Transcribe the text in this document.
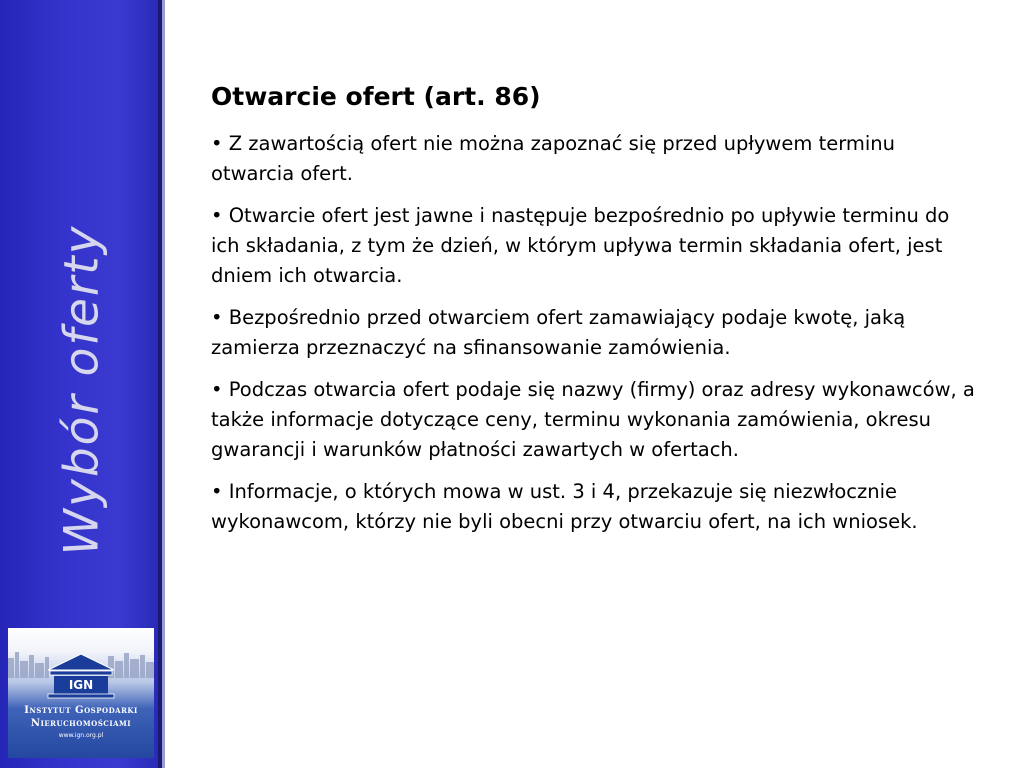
Wybór oferty
IGN
Instytut Gospodarki
Nieruchomościami
www.ign.org.pl
Otwarcie ofert (art. 86)

• Z zawartością ofert nie można zapoznać się przed upływem terminu otwarcia ofert.

• Otwarcie ofert jest jawne i następuje bezpośrednio po upływie terminu do ich składania, z tym że dzień, w którym upływa termin składania ofert, jest dniem ich otwarcia.

• Bezpośrednio przed otwarciem ofert zamawiający podaje kwotę, jaką zamierza przeznaczyć na sfinansowanie zamówienia.

• Podczas otwarcia ofert podaje się nazwy (firmy) oraz adresy wykonawców, a także informacje dotyczące ceny, terminu wykonania zamówienia, okresu gwarancji i warunków płatności zawartych w ofertach.

• Informacje, o których mowa w ust. 3 i 4, przekazuje się niezwłocznie wykonawcom, którzy nie byli obecni przy otwarciu ofert, na ich wniosek.
